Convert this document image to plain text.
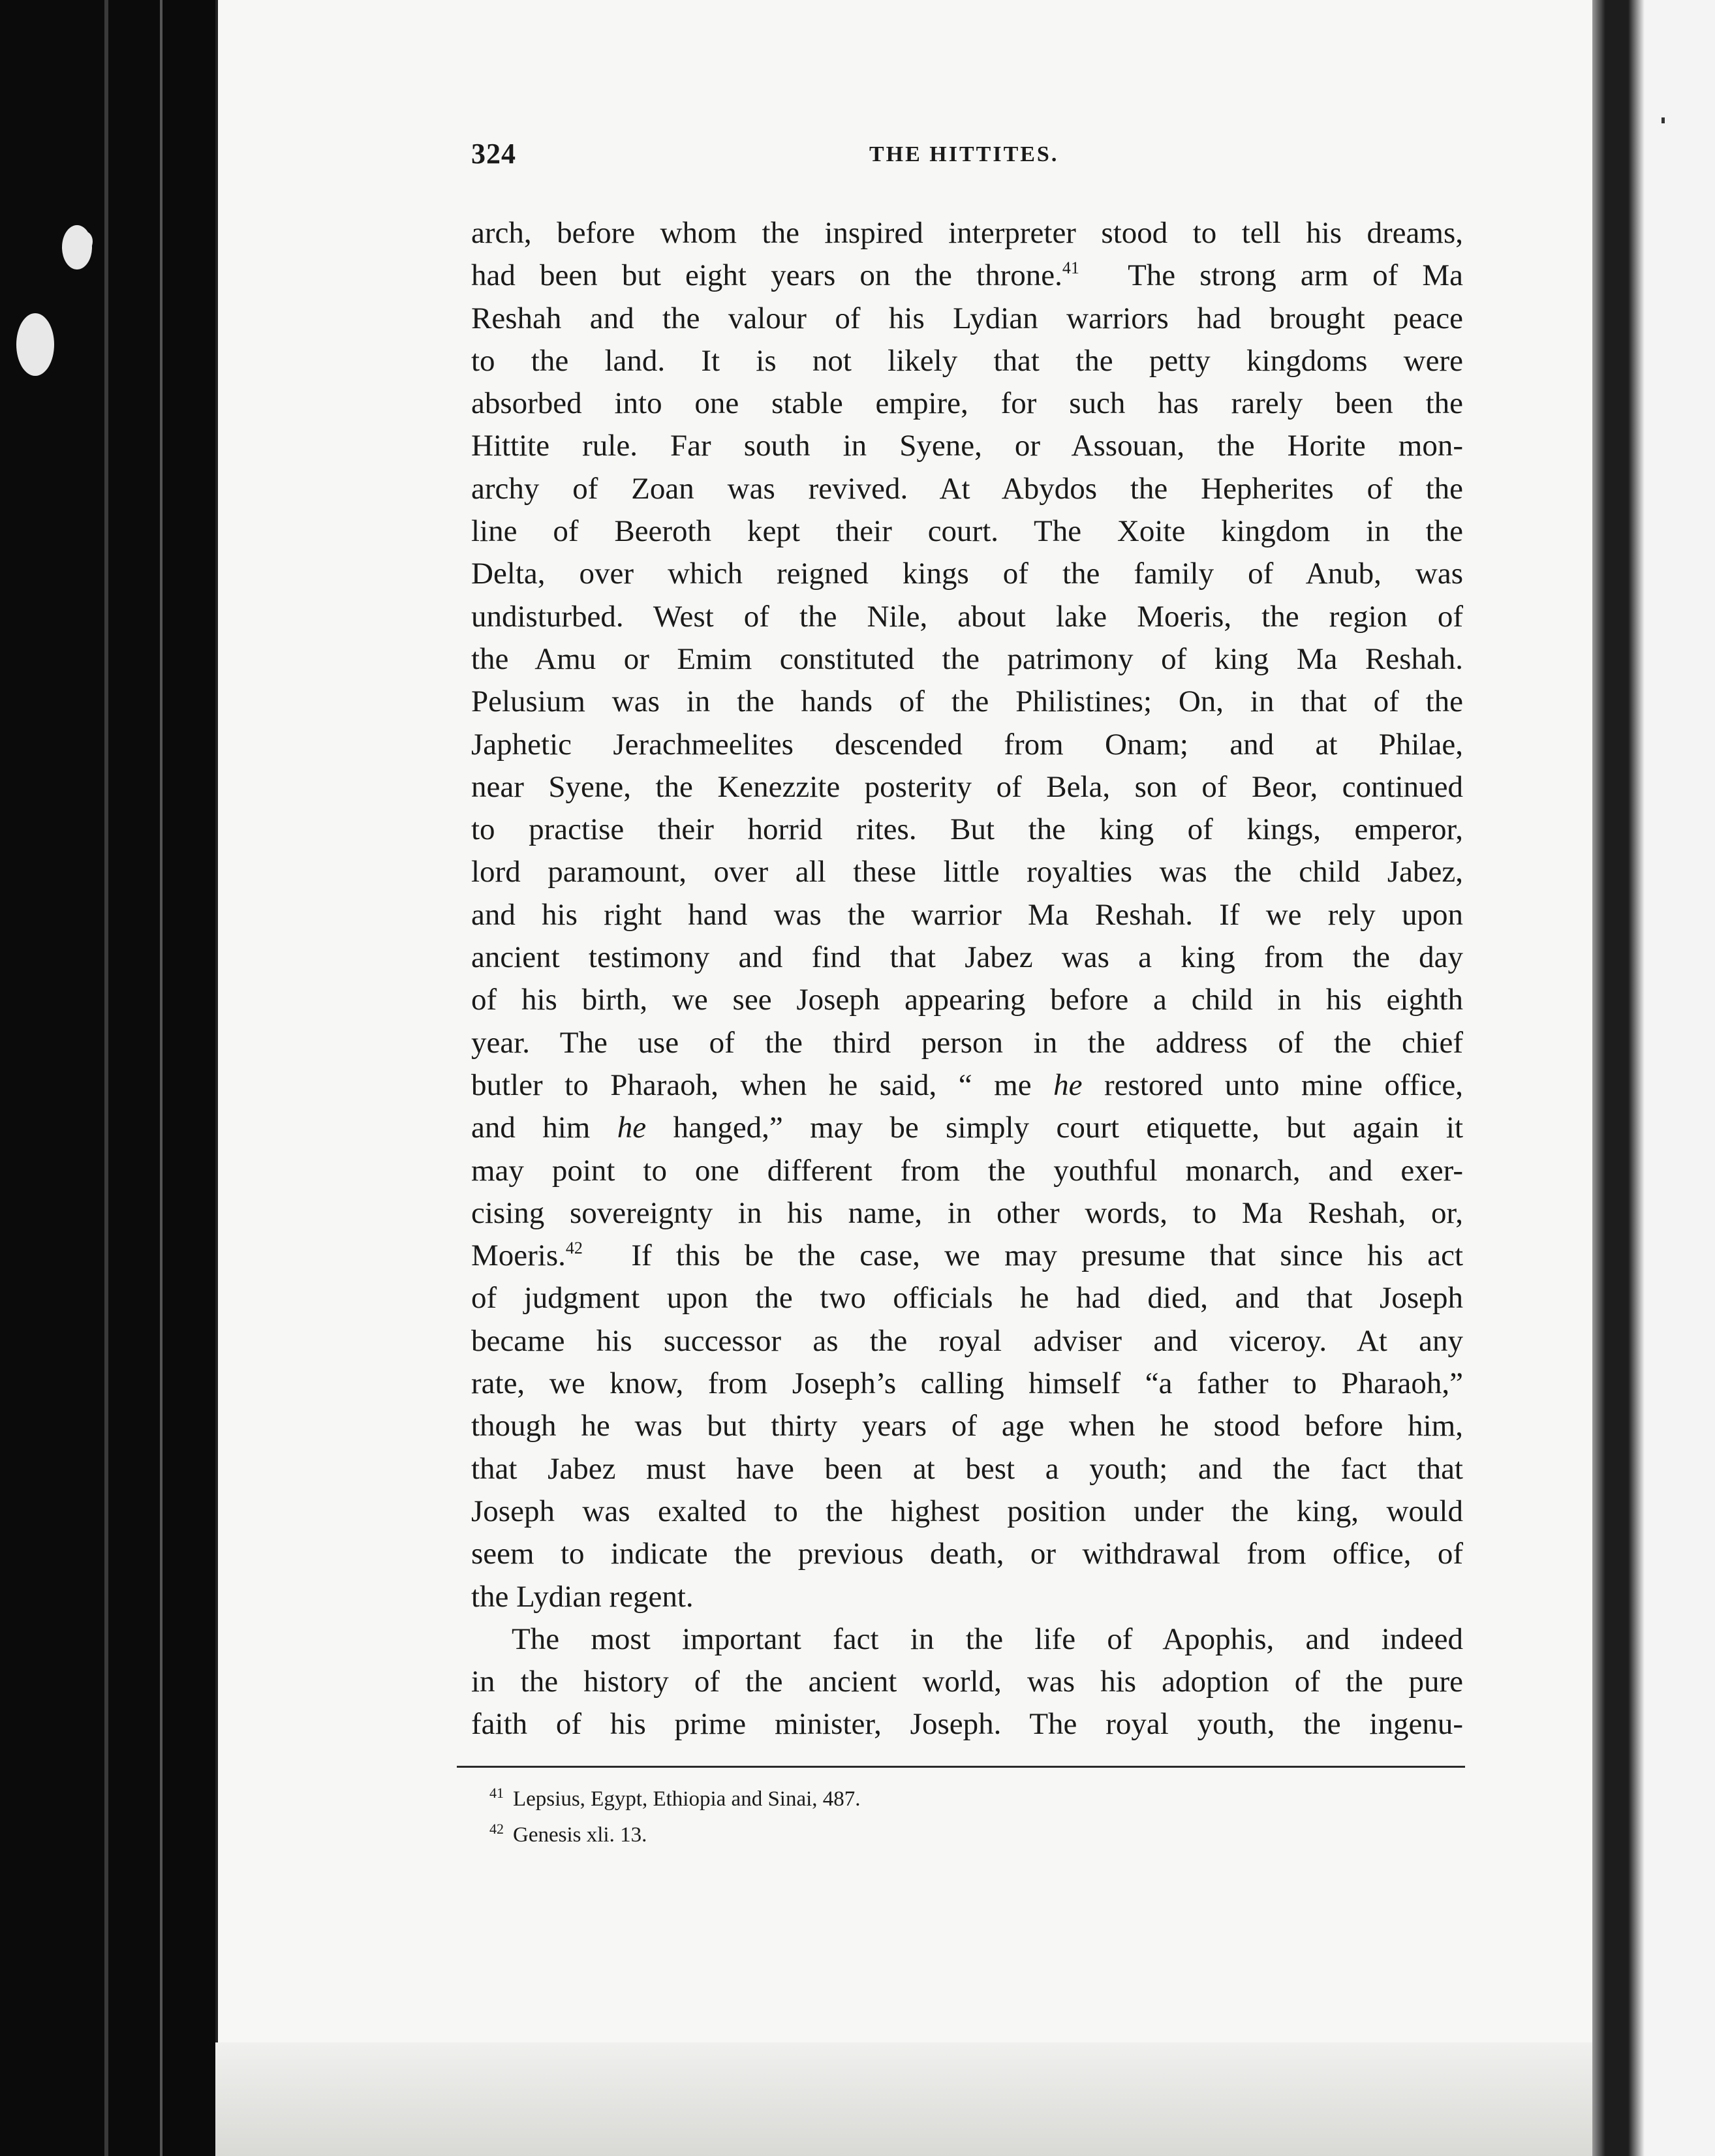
324	THE HITTITES.
arch, before whom the inspired interpreter stood to tell his dreams,
had been but eight years on the throne.$^{41}$ The strong arm of Ma
Reshah and the valour of his Lydian warriors had brought peace
to the land. It is not likely that the petty kingdoms were
absorbed into one stable empire, for such has rarely been the
Hittite rule. Far south in Syene, or Assouan, the Horite mon-
archy of Zoan was revived. At Abydos the Hepherites of the
line of Beeroth kept their court. The Xoite kingdom in the
Delta, over which reigned kings of the family of Anub, was
undisturbed. West of the Nile, about lake Moeris, the region of
the Amu or Emim constituted the patrimony of king Ma Reshah.
Pelusium was in the hands of the Philistines; On, in that of the
Japhetic Jerachmeelites descended from Onam; and at Philae,
near Syene, the Kenezzite posterity of Bela, son of Beor, continued
to practise their horrid rites. But the king of kings, emperor,
lord paramount, over all these little royalties was the child Jabez,
and his right hand was the warrior Ma Reshah. If we rely upon
ancient testimony and find that Jabez was a king from the day
of his birth, we see Joseph appearing before a child in his eighth
year. The use of the third person in the address of the chief
butler to Pharaoh, when he said, “ me he restored unto mine office,
and him he hanged,” may be simply court etiquette, but again it
may point to one different from the youthful monarch, and exer-
cising sovereignty in his name, in other words, to Ma Reshah, or,
Moeris.$^{42}$ If this be the case, we may presume that since his act
of judgment upon the two officials he had died, and that Joseph
became his successor as the royal adviser and viceroy. At any
rate, we know, from Joseph’s calling himself “a father to Pharaoh,”
though he was but thirty years of age when he stood before him,
that Jabez must have been at best a youth; and the fact that
Joseph was exalted to the highest position under the king, would
seem to indicate the previous death, or withdrawal from office, of
the Lydian regent.
The most important fact in the life of Apophis, and indeed
in the history of the ancient world, was his adoption of the pure
faith of his prime minister, Joseph. The royal youth, the ingenu-
$^{41}$ Lepsius, Egypt, Ethiopia and Sinai, 487.
$^{42}$ Genesis xli. 13.
